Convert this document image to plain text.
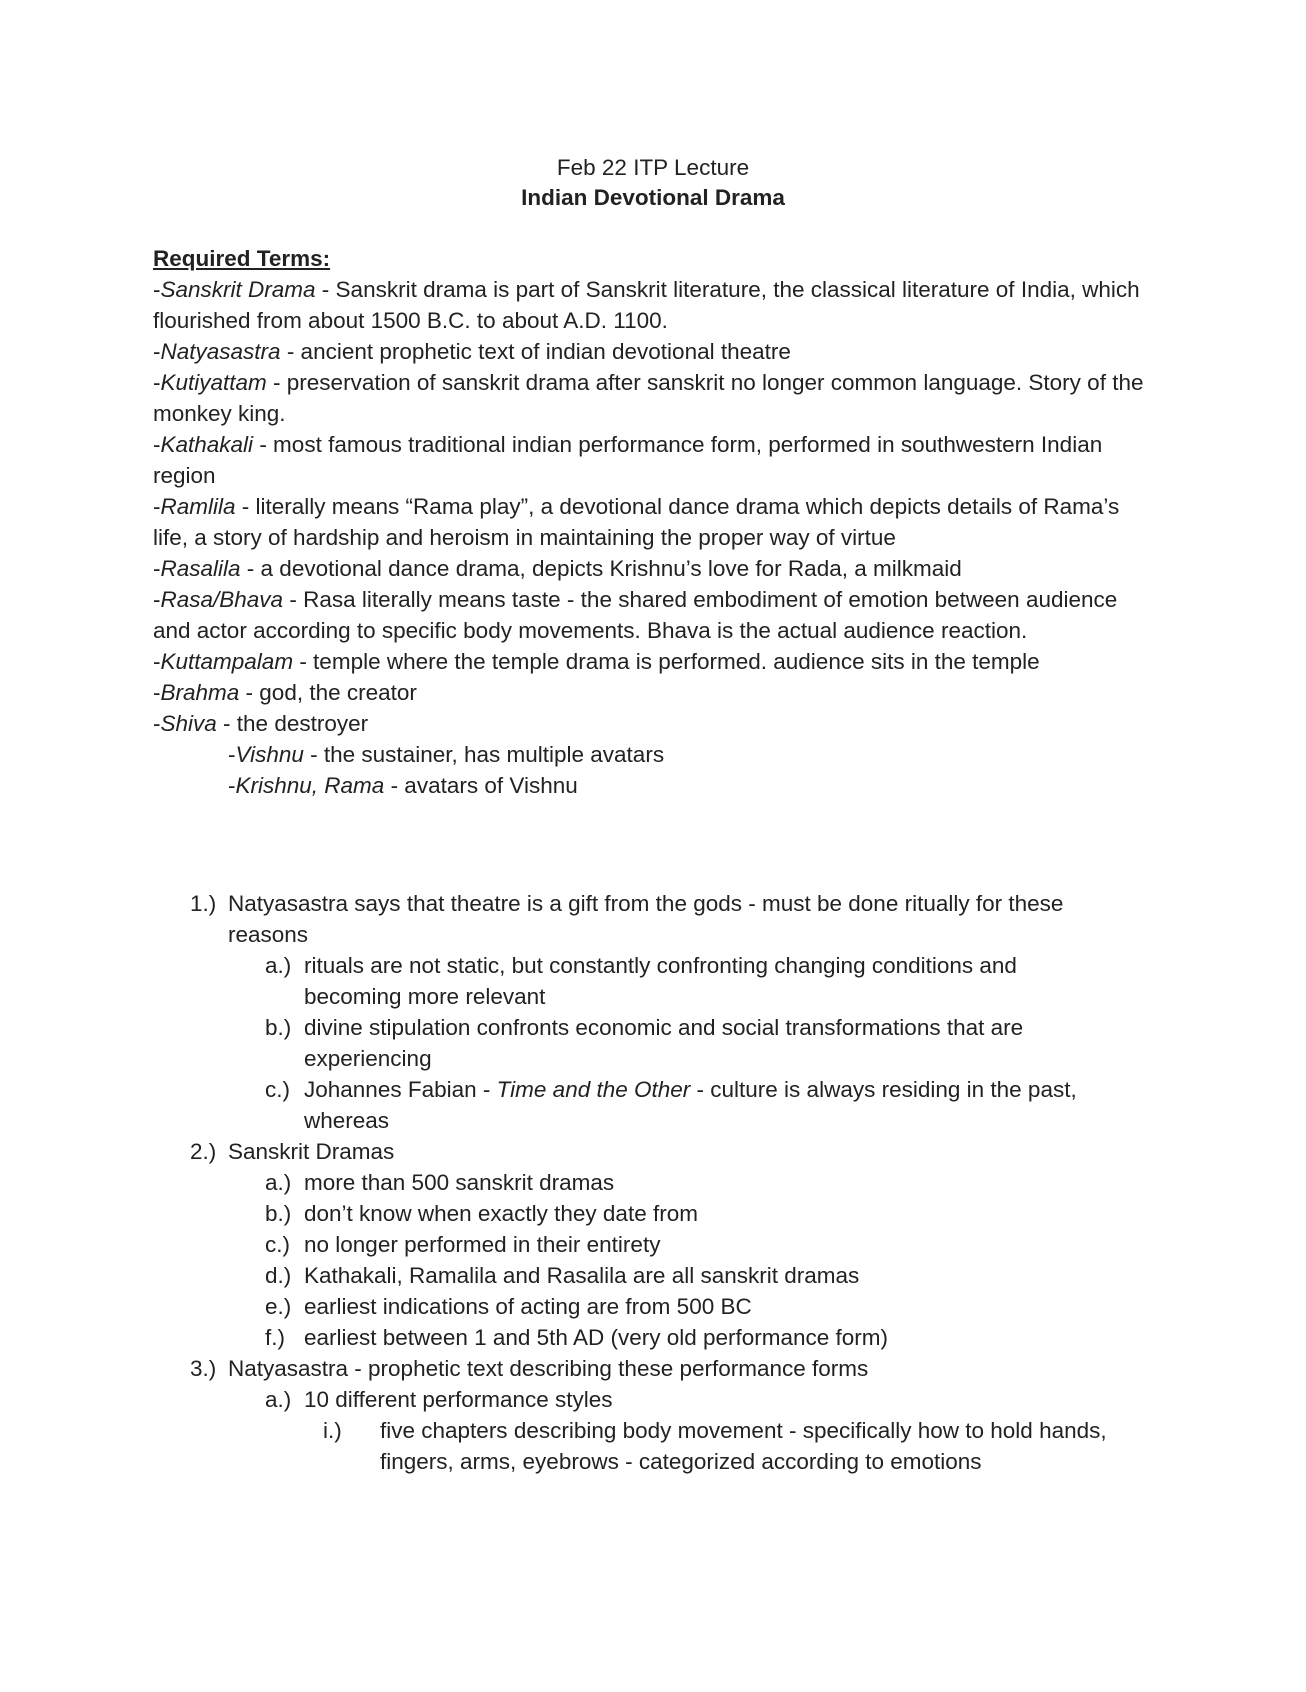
Feb 22 ITP Lecture
Indian Devotional Drama
Required Terms:
-Sanskrit Drama - Sanskrit drama is part of Sanskrit literature, the classical literature of India, which flourished from about 1500 B.C. to about A.D. 1100.
-Natyasastra - ancient prophetic text of indian devotional theatre
-Kutiyattam - preservation of sanskrit drama after sanskrit no longer common language. Story of the monkey king.
-Kathakali - most famous traditional indian performance form, performed in southwestern Indian region
-Ramlila - literally means “Rama play”, a devotional dance drama which depicts details of Rama’s life, a story of hardship and heroism in maintaining the proper way of virtue
-Rasalila - a devotional dance drama, depicts Krishnu’s love for Rada, a milkmaid
-Rasa/Bhava - Rasa literally means taste - the shared embodiment of emotion between audience and actor according to specific body movements. Bhava is the actual audience reaction.
-Kuttampalam - temple where the temple drama is performed. audience sits in the temple
-Brahma - god, the creator
-Shiva - the destroyer
-Vishnu - the sustainer, has multiple avatars
-Krishnu, Rama - avatars of Vishnu
1.) Natyasastra says that theatre is a gift from the gods - must be done ritually for these reasons
a.) rituals are not static, but constantly confronting changing conditions and becoming more relevant
b.) divine stipulation confronts economic and social transformations that are experiencing
c.) Johannes Fabian - Time and the Other - culture is always residing in the past, whereas
2.) Sanskrit Dramas
a.) more than 500 sanskrit dramas
b.) don’t know when exactly they date from
c.) no longer performed in their entirety
d.) Kathakali, Ramalila and Rasalila are all sanskrit dramas
e.) earliest indications of acting are from 500 BC
f.) earliest between 1 and 5th AD (very old performance form)
3.) Natyasastra - prophetic text describing these performance forms
a.) 10 different performance styles
i.) five chapters describing body movement - specifically how to hold hands, fingers, arms, eyebrows - categorized according to emotions
